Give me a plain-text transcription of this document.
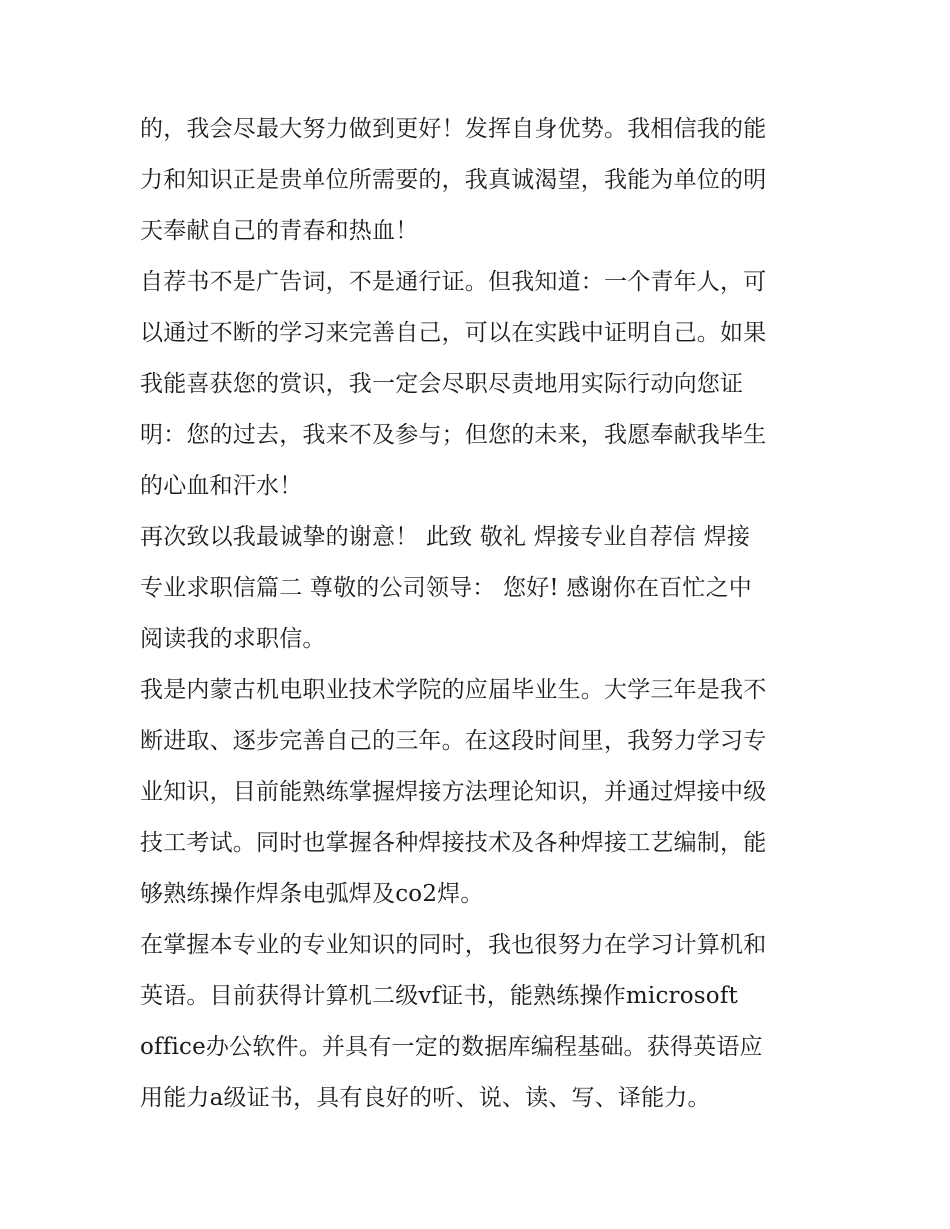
的，我会尽最大努力做到更好！发挥自身优势。我相信我的能
力和知识正是贵单位所需要的，我真诚渴望，我能为单位的明
天奉献自己的青春和热血！
自荐书不是广告词，不是通行证。但我知道：一个青年人，可
以通过不断的学习来完善自己，可以在实践中证明自己。如果
我能喜获您的赏识，我一定会尽职尽责地用实际行动向您证
明：您的过去，我来不及参与；但您的未来，我愿奉献我毕生
的心血和汗水！
再次致以我最诚挚的谢意！ 此致 敬礼 焊接专业自荐信 焊接
专业求职信篇二 尊敬的公司领导： 您好! 感谢你在百忙之中
阅读我的求职信。
我是内蒙古机电职业技术学院的应届毕业生。大学三年是我不
断进取、逐步完善自己的三年。在这段时间里，我努力学习专
业知识，目前能熟练掌握焊接方法理论知识，并通过焊接中级
技工考试。同时也掌握各种焊接技术及各种焊接工艺编制，能
够熟练操作焊条电弧焊及co2焊。
在掌握本专业的专业知识的同时，我也很努力在学习计算机和
英语。目前获得计算机二级vf证书，能熟练操作microsoft
office办公软件。并具有一定的数据库编程基础。获得英语应
用能力a级证书，具有良好的听、说、读、写、译能力。
